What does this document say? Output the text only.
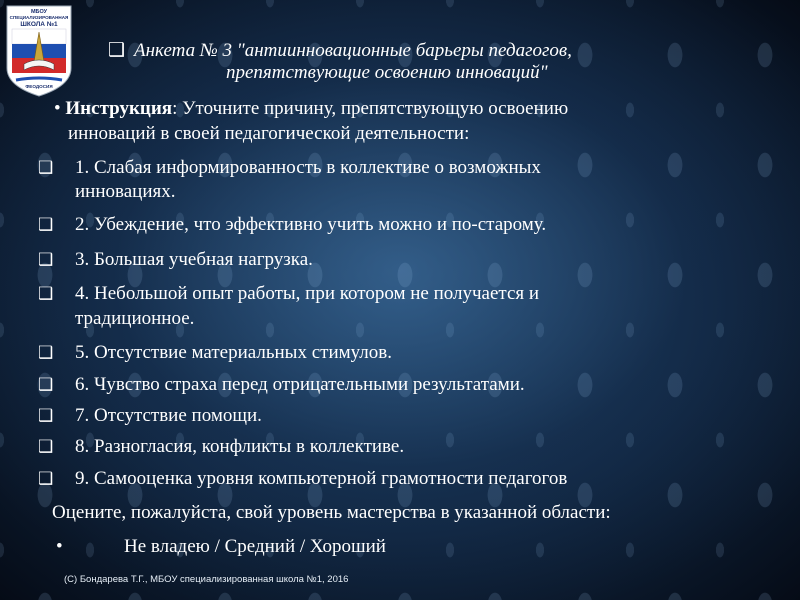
МБОУ
СПЕЦИАЛИЗИРОВАННАЯ
ШКОЛА №1
ФЕОДОСИЯ
❑ Анкета № 3 "антиинновационные барьеры педагогов,
препятствующие освоению инноваций"
• Инструкция: Уточните причину, препятствующую освоению
инноваций в своей педагогической деятельности:
❑ 1. Слабая информированность в коллективе о возможных
инновациях.
❑ 2. Убеждение, что эффективно учить можно и по-старому.
❑ 3. Большая учебная нагрузка.
❑ 4. Небольшой опыт работы, при котором не получается и
традиционное.
❑ 5. Отсутствие материальных стимулов.
❑ 6. Чувство страха перед отрицательными результатами.
❑ 7. Отсутствие помощи.
❑ 8. Разногласия, конфликты в коллективе.
❑ 9. Самооценка уровня компьютерной грамотности педагогов
Оцените, пожалуйста, свой уровень мастерства в указанной области:
•	Не владею / Средний / Хороший
(С) Бондарева Т.Г., МБОУ специализированная школа №1, 2016
